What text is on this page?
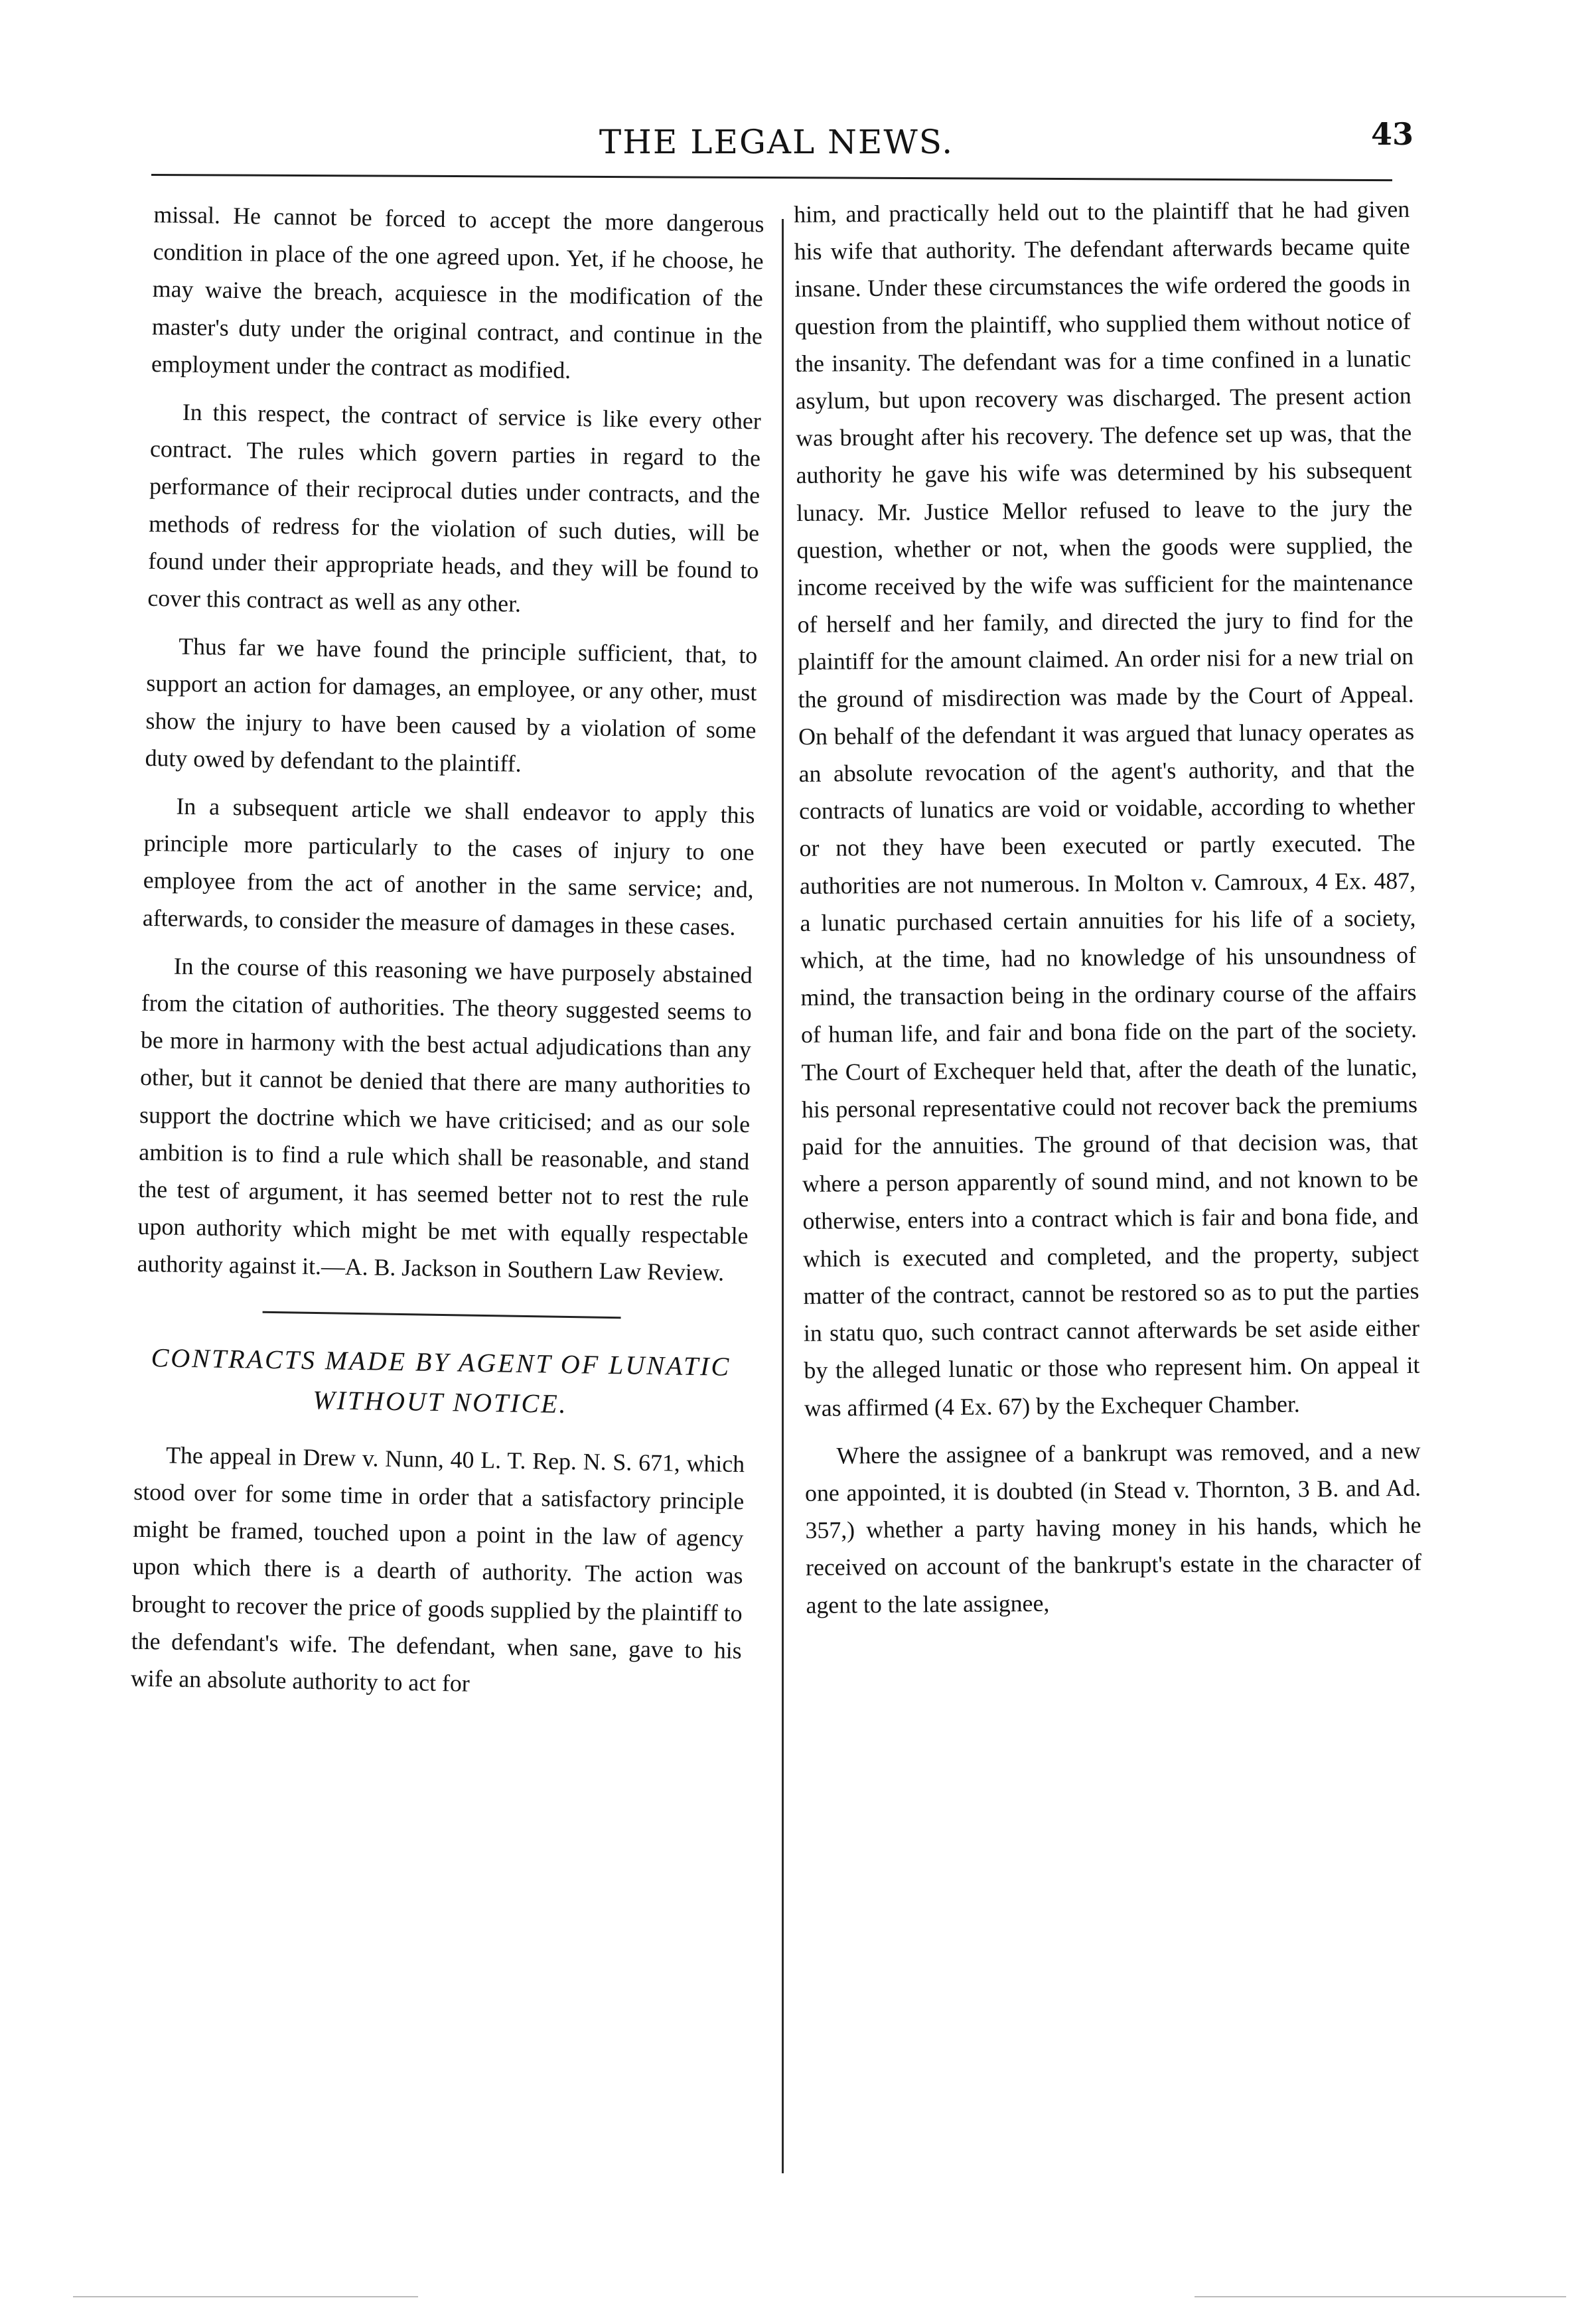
THE LEGAL NEWS.	43

missal. He cannot be forced to accept the more dangerous condition in place of the one agreed upon. Yet, if he choose, he may waive the breach, acquiesce in the modification of the master's duty under the original contract, and continue in the employment under the contract as modified.

In this respect, the contract of service is like every other contract. The rules which govern parties in regard to the performance of their reciprocal duties under contracts, and the methods of redress for the violation of such duties, will be found under their appropriate heads, and they will be found to cover this contract as well as any other.

Thus far we have found the principle sufficient, that, to support an action for damages, an employee, or any other, must show the injury to have been caused by a violation of some duty owed by defendant to the plaintiff.

In a subsequent article we shall endeavor to apply this principle more particularly to the cases of injury to one employee from the act of another in the same service; and, afterwards, to consider the measure of damages in these cases.

In the course of this reasoning we have purposely abstained from the citation of authorities. The theory suggested seems to be more in harmony with the best actual adjudications than any other, but it cannot be denied that there are many authorities to support the doctrine which we have criticised; and as our sole ambition is to find a rule which shall be reasonable, and stand the test of argument, it has seemed better not to rest the rule upon authority which might be met with equally respectable authority against it.—A. B. Jackson in Southern Law Review.

CONTRACTS MADE BY AGENT OF LUNATIC WITHOUT NOTICE.

The appeal in Drew v. Nunn, 40 L. T. Rep. N. S. 671, which stood over for some time in order that a satisfactory principle might be framed, touched upon a point in the law of agency upon which there is a dearth of authority. The action was brought to recover the price of goods supplied by the plaintiff to the defendant's wife. The defendant, when sane, gave to his wife an absolute authority to act for

him, and practically held out to the plaintiff that he had given his wife that authority. The defendant afterwards became quite insane. Under these circumstances the wife ordered the goods in question from the plaintiff, who supplied them without notice of the insanity. The defendant was for a time confined in a lunatic asylum, but upon recovery was discharged. The present action was brought after his recovery. The defence set up was, that the authority he gave his wife was determined by his subsequent lunacy. Mr. Justice Mellor refused to leave to the jury the question, whether or not, when the goods were supplied, the income received by the wife was sufficient for the maintenance of herself and her family, and directed the jury to find for the plaintiff for the amount claimed. An order nisi for a new trial on the ground of misdirection was made by the Court of Appeal. On behalf of the defendant it was argued that lunacy operates as an absolute revocation of the agent's authority, and that the contracts of lunatics are void or voidable, according to whether or not they have been executed or partly executed. The authorities are not numerous. In Molton v. Camroux, 4 Ex. 487, a lunatic purchased certain annuities for his life of a society, which, at the time, had no knowledge of his unsoundness of mind, the transaction being in the ordinary course of the affairs of human life, and fair and bona fide on the part of the society. The Court of Exchequer held that, after the death of the lunatic, his personal representative could not recover back the premiums paid for the annuities. The ground of that decision was, that where a person apparently of sound mind, and not known to be otherwise, enters into a contract which is fair and bona fide, and which is executed and completed, and the property, subject matter of the contract, cannot be restored so as to put the parties in statu quo, such contract cannot afterwards be set aside either by the alleged lunatic or those who represent him. On appeal it was affirmed (4 Ex. 67) by the Exchequer Chamber.

Where the assignee of a bankrupt was removed, and a new one appointed, it is doubted (in Stead v. Thornton, 3 B. and Ad. 357,) whether a party having money in his hands, which he received on account of the bankrupt's estate in the character of agent to the late assignee,
